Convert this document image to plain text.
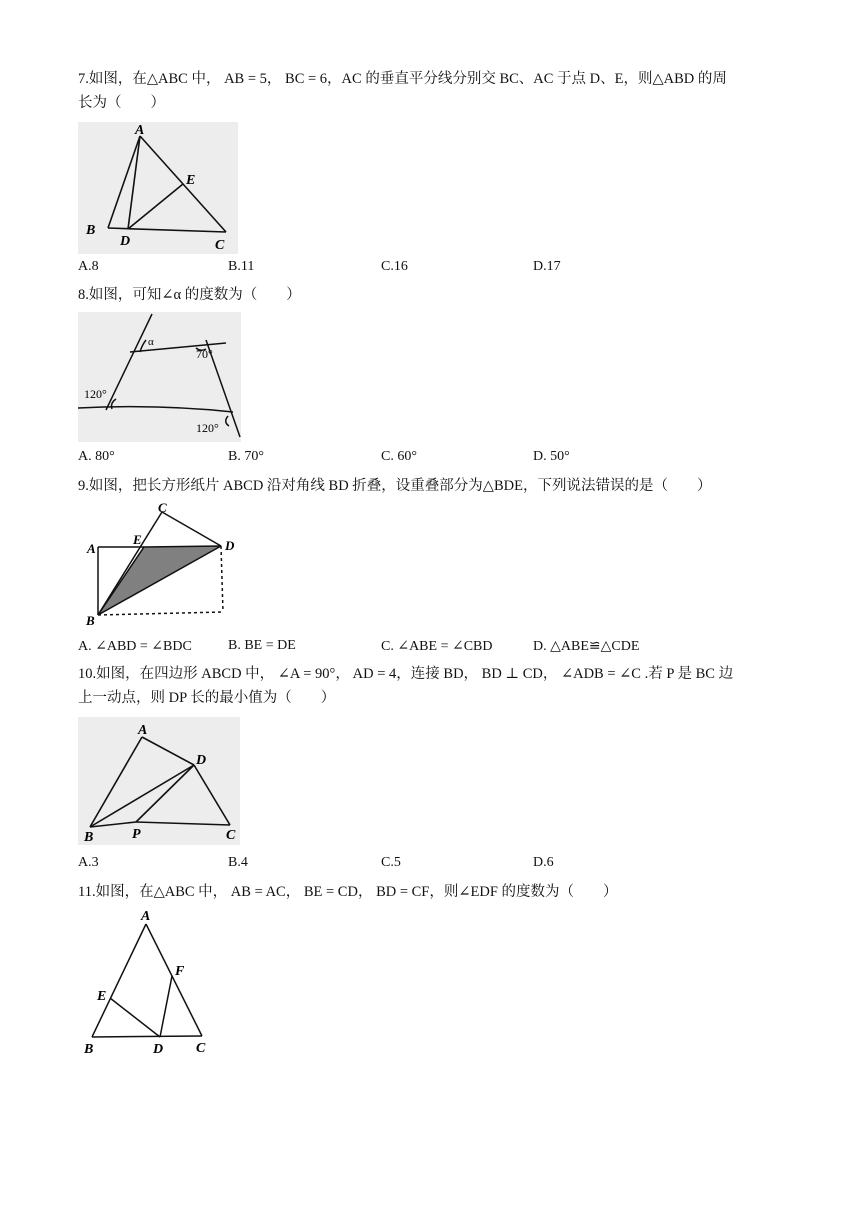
7.如图，在△ABC 中， AB = 5， BC = 6，AC 的垂直平分线分别交 BC、AC 于点 D、E，则△ABD 的周
长为（　　）
A
B
C
D
E
A.8	B.11	C.16	D.17
8.如图，可知∠α 的度数为（　　）
α
70°
120°
120°
A. 80°	B. 70°	C. 60°	D. 50°
9.如图，把长方形纸片 ABCD 沿对角线 BD 折叠，设重叠部分为△BDE，下列说法错误的是（　　）
C
A
E	D
B
A. ∠ABD = ∠BDC	B. BE = DE	C. ∠ABE = ∠CBD	D. △ABE≌△CDE
10.如图，在四边形 ABCD 中， ∠A = 90°， AD = 4，连接 BD， BD ⊥ CD， ∠ADB = ∠C .若 P 是 BC 边
上一动点，则 DP 长的最小值为（　　）
A
D
B	P	C
A.3	B.4	C.5	D.6
11.如图，在△ABC 中， AB = AC， BE = CD， BD = CF，则∠EDF 的度数为（　　）
A
F
E
B	D C
